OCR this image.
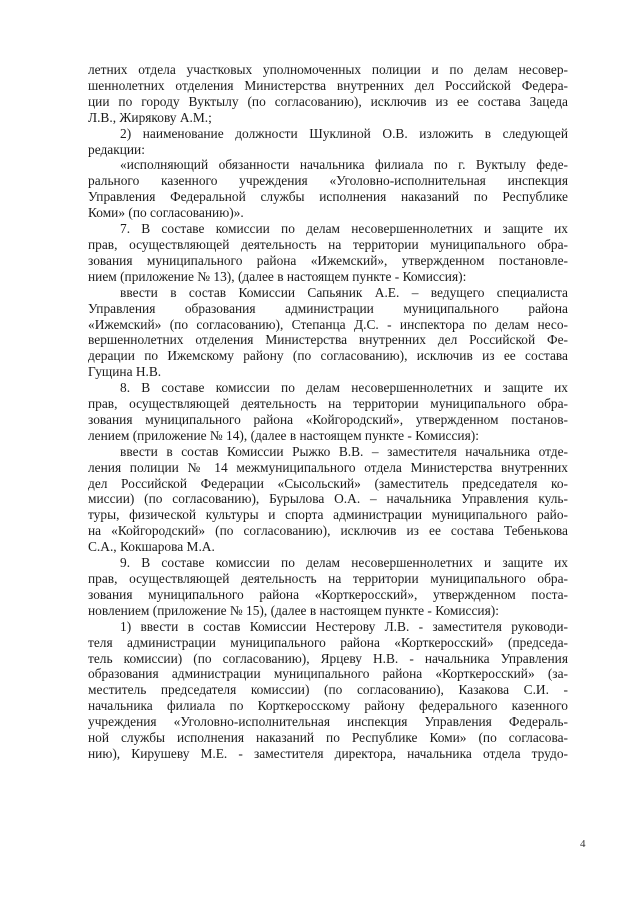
летних отдела участковых уполномоченных полиции и по делам несовер-
шеннолетних отделения Министерства внутренних дел Российской Федера-
ции по городу Вуктылу (по согласованию), исключив из ее состава Зацеда
Л.В., Жирякову А.М.;

2) наименование должности Шуклиной О.В. изложить в следующей
редакции:

«исполняющий обязанности начальника филиала по г. Вуктылу феде-
рального казенного учреждения «Уголовно-исполнительная инспекция
Управления Федеральной службы исполнения наказаний по Республике
Коми» (по согласованию)».

7. В составе комиссии по делам несовершеннолетних и защите их
прав, осуществляющей деятельность на территории муниципального обра-
зования муниципального района «Ижемский», утвержденном постановле-
нием (приложение № 13), (далее в настоящем пункте - Комиссия):

ввести в состав Комиссии Сапьяник А.Е. – ведущего специалиста
Управления образования администрации муниципального района
«Ижемский» (по согласованию), Степанца Д.С. - инспектора по делам несо-
вершеннолетних отделения Министерства внутренних дел Российской Фе-
дерации по Ижемскому району (по согласованию), исключив из ее состава
Гущина Н.В.

8. В составе комиссии по делам несовершеннолетних и защите их
прав, осуществляющей деятельность на территории муниципального обра-
зования муниципального района «Койгородский», утвержденном постанов-
лением (приложение № 14), (далее в настоящем пункте - Комиссия):

ввести в состав Комиссии Рыжко В.В. – заместителя начальника отде-
ления полиции № 14 межмуниципального отдела Министерства внутренних
дел Российской Федерации «Сысольский» (заместитель председателя ко-
миссии) (по согласованию), Бурылова О.А. – начальника Управления куль-
туры, физической культуры и спорта администрации муниципального райо-
на «Койгородский» (по согласованию), исключив из ее состава Тебенькова
С.А., Кокшарова М.А.

9. В составе комиссии по делам несовершеннолетних и защите их
прав, осуществляющей деятельность на территории муниципального обра-
зования муниципального района «Корткеросский», утвержденном поста-
новлением (приложение № 15), (далее в настоящем пункте - Комиссия):

1) ввести в состав Комиссии Нестерову Л.В. - заместителя руководи-
теля администрации муниципального района «Корткеросский» (председа-
тель комиссии) (по согласованию), Ярцеву Н.В. - начальника Управления
образования администрации муниципального района «Корткеросский» (за-
меститель председателя комиссии) (по согласованию), Казакова С.И. -
начальника филиала по Корткеросскому району федерального казенного
учреждения «Уголовно-исполнительная инспекция Управления Федераль-
ной службы исполнения наказаний по Республике Коми» (по согласова-
нию), Кирушеву М.Е. - заместителя директора, начальника отдела трудо-

4
